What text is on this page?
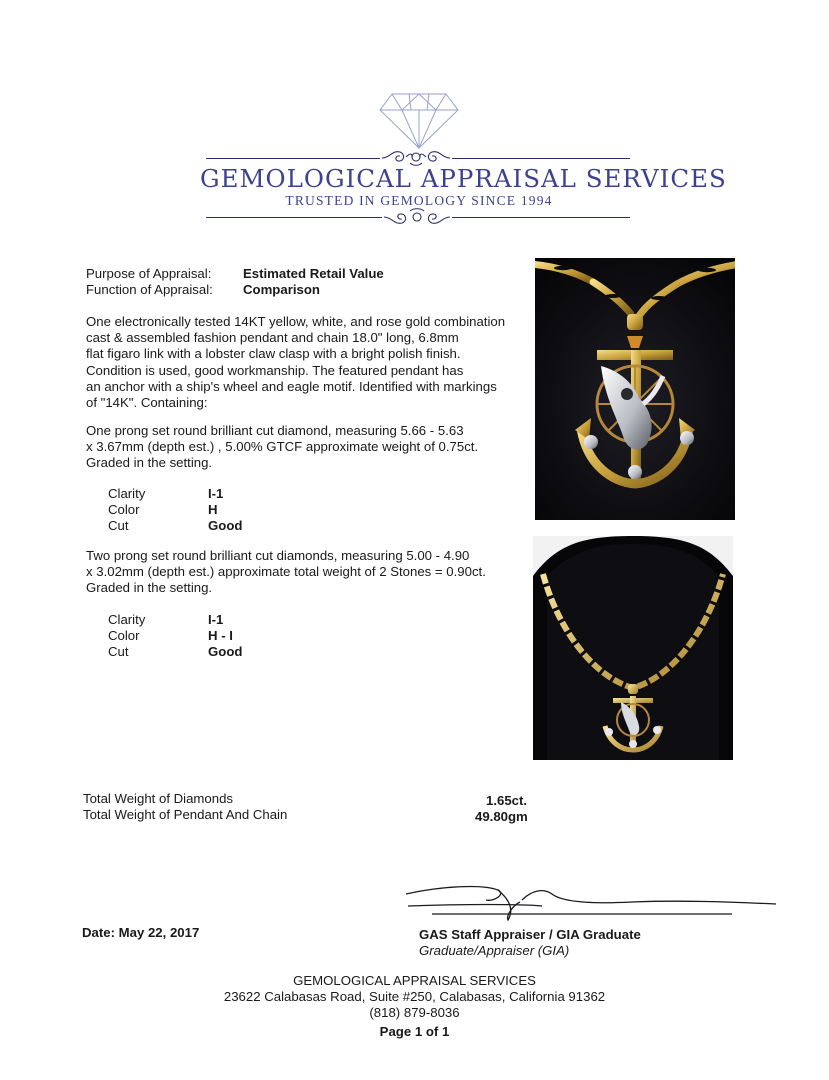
GEMOLOGICAL APPRAISAL SERVICES
TRUSTED IN GEMOLOGY SINCE 1994
Purpose of Appraisal: Estimated Retail Value
Function of Appraisal: Comparison
One electronically tested 14KT yellow, white, and rose gold combination
cast & assembled fashion pendant and chain 18.0" long, 6.8mm
flat figaro link with a lobster claw clasp with a bright polish finish.
Condition is used, good workmanship. The featured pendant has
an anchor with a ship's wheel and eagle motif. Identified with markings
of "14K". Containing:
One prong set round brilliant cut diamond, measuring 5.66 - 5.63
x 3.67mm (depth est.) , 5.00% GTCF approximate weight of 0.75ct.
Graded in the setting.
Clarity	I-1
Color	H
Cut	Good
Two prong set round brilliant cut diamonds, measuring 5.00 - 4.90
x 3.02mm (depth est.) approximate total weight of 2 Stones = 0.90ct.
Graded in the setting.
Clarity	I-1
Color	H - I
Cut	Good
Total Weight of Diamonds	1.65ct.
Total Weight of Pendant And Chain	49.80gm
Date: May 22, 2017	GAS Staff Appraiser / GIA Graduate
Graduate/Appraiser (GIA)
GEMOLOGICAL APPRAISAL SERVICES
23622 Calabasas Road, Suite #250, Calabasas, California 91362
(818) 879-8036
Page 1 of 1
